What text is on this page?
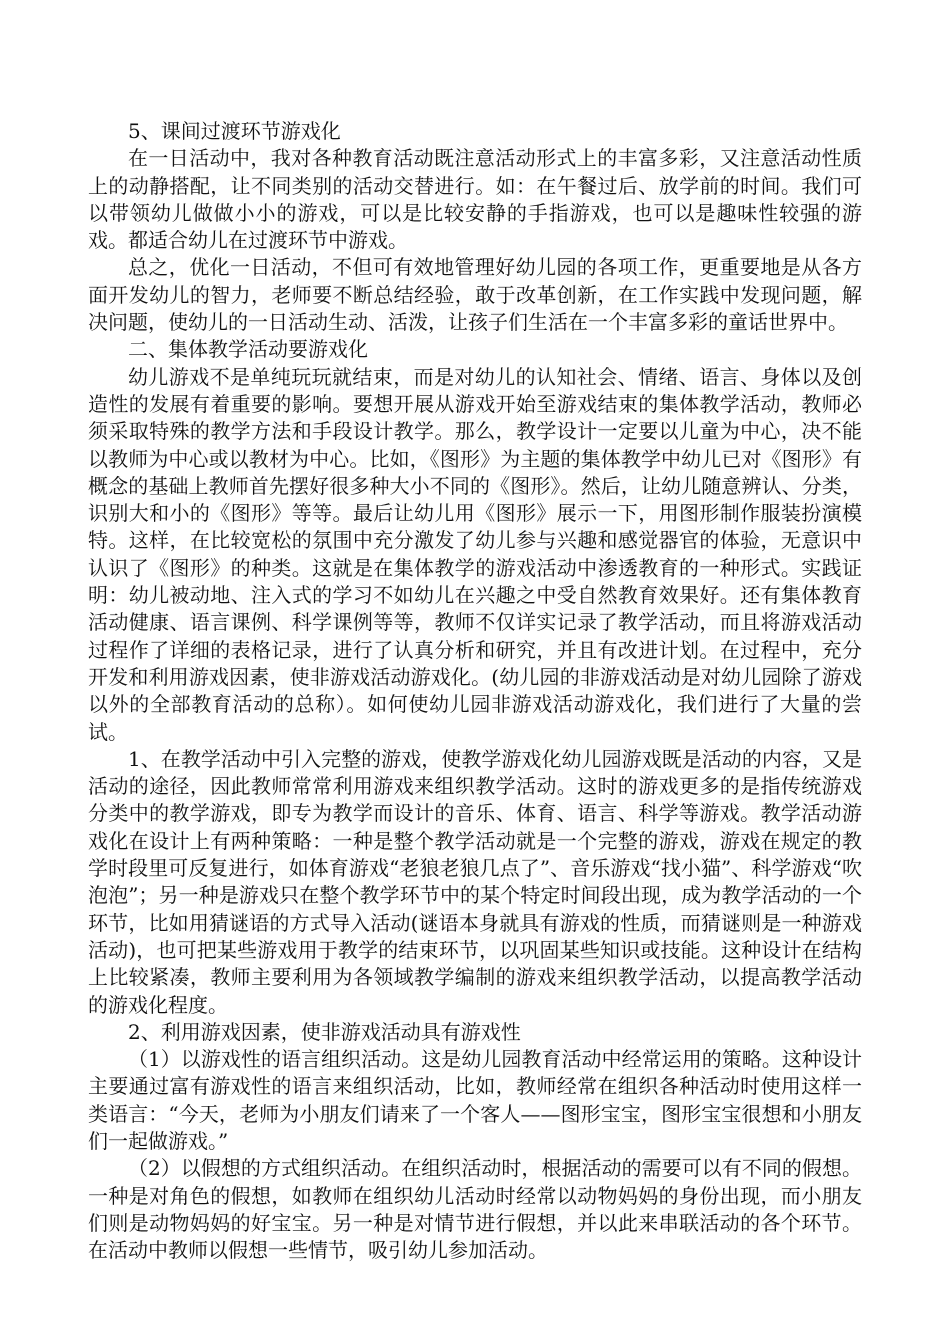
5、课间过渡环节游戏化

在一日活动中，我对各种教育活动既注意活动形式上的丰富多彩，又注意活动性质上的动静搭配，让不同类别的活动交替进行。如：在午餐过后、放学前的时间。我们可以带领幼儿做做小小的游戏，可以是比较安静的手指游戏，也可以是趣味性较强的游戏。都适合幼儿在过渡环节中游戏。

总之，优化一日活动，不但可有效地管理好幼儿园的各项工作，更重要地是从各方面开发幼儿的智力，老师要不断总结经验，敢于改革创新，在工作实践中发现问题，解决问题，使幼儿的一日活动生动、活泼，让孩子们生活在一个丰富多彩的童话世界中。

二、集体教学活动要游戏化

幼儿游戏不是单纯玩玩就结束，而是对幼儿的认知社会、情绪、语言、身体以及创造性的发展有着重要的影响。要想开展从游戏开始至游戏结束的集体教学活动，教师必须采取特殊的教学方法和手段设计教学。那么，教学设计一定要以儿童为中心，决不能以教师为中心或以教材为中心。比如，《图形》为主题的集体教学中幼儿已对《图形》有概念的基础上教师首先摆好很多种大小不同的《图形》。然后，让幼儿随意辨认、分类，识别大和小的《图形》等等。最后让幼儿用《图形》展示一下，用图形制作服装扮演模特。这样，在比较宽松的氛围中充分激发了幼儿参与兴趣和感觉器官的体验，无意识中认识了《图形》的种类。这就是在集体教学的游戏活动中渗透教育的一种形式。实践证明：幼儿被动地、注入式的学习不如幼儿在兴趣之中受自然教育效果好。还有集体教育活动健康、语言课例、科学课例等等，教师不仅详实记录了教学活动，而且将游戏活动过程作了详细的表格记录，进行了认真分析和研究，并且有改进计划。在过程中，充分开发和利用游戏因素，使非游戏活动游戏化。(幼儿园的非游戏活动是对幼儿园除了游戏以外的全部教育活动的总称）。如何使幼儿园非游戏活动游戏化，我们进行了大量的尝试。

1、在教学活动中引入完整的游戏，使教学游戏化幼儿园游戏既是活动的内容，又是活动的途径，因此教师常常利用游戏来组织教学活动。这时的游戏更多的是指传统游戏分类中的教学游戏，即专为教学而设计的音乐、体育、语言、科学等游戏。教学活动游戏化在设计上有两种策略：一种是整个教学活动就是一个完整的游戏，游戏在规定的教学时段里可反复进行，如体育游戏“老狼老狼几点了”、音乐游戏“找小猫”、科学游戏“吹泡泡”；另一种是游戏只在整个教学环节中的某个特定时间段出现，成为教学活动的一个环节，比如用猜谜语的方式导入活动(谜语本身就具有游戏的性质，而猜谜则是一种游戏活动)，也可把某些游戏用于教学的结束环节，以巩固某些知识或技能。这种设计在结构上比较紧凑，教师主要利用为各领域教学编制的游戏来组织教学活动，以提高教学活动的游戏化程度。

2、利用游戏因素，使非游戏活动具有游戏性

（1）以游戏性的语言组织活动。这是幼儿园教育活动中经常运用的策略。这种设计主要通过富有游戏性的语言来组织活动，比如，教师经常在组织各种活动时使用这样一类语言：“今天，老师为小朋友们请来了一个客人——图形宝宝，图形宝宝很想和小朋友们一起做游戏。”

（2）以假想的方式组织活动。在组织活动时，根据活动的需要可以有不同的假想。一种是对角色的假想，如教师在组织幼儿活动时经常以动物妈妈的身份出现，而小朋友们则是动物妈妈的好宝宝。另一种是对情节进行假想，并以此来串联活动的各个环节。在活动中教师以假想一些情节，吸引幼儿参加活动。
